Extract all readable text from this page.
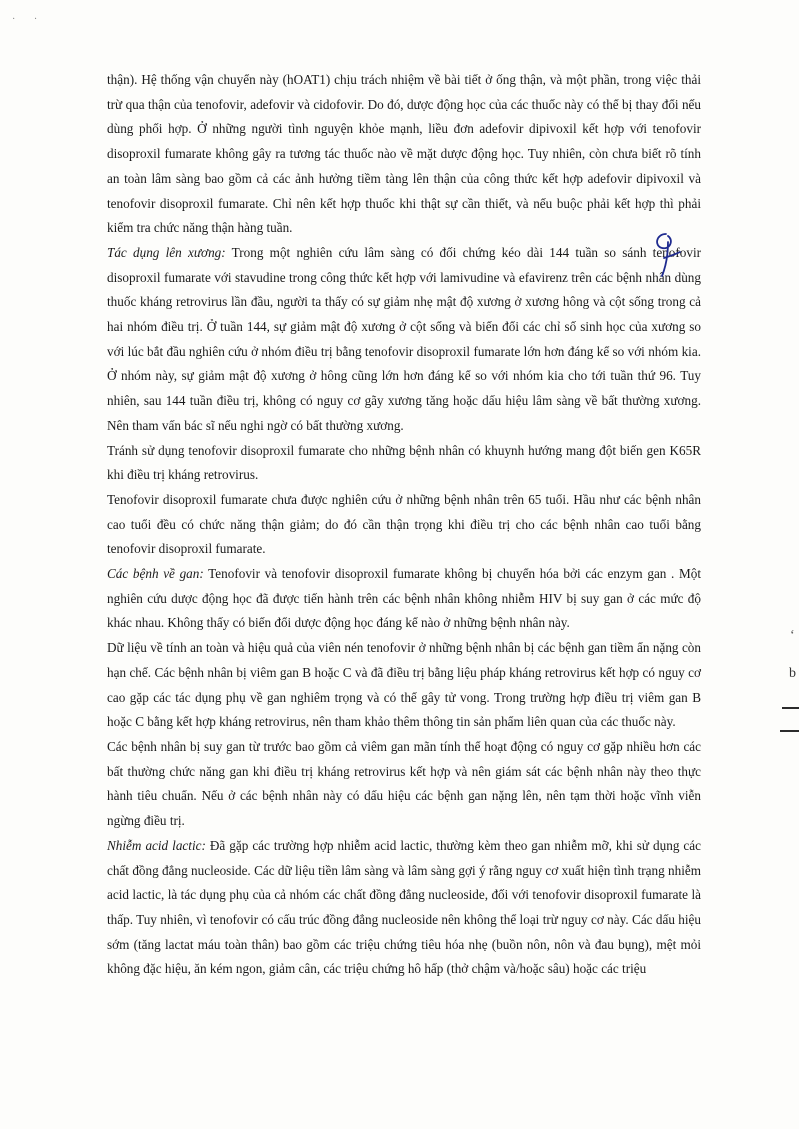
· ·

thận). Hệ thống vận chuyển này (hOAT1) chịu trách nhiệm về bài tiết ở ống thận, và một phần, trong việc thải trừ qua thận của tenofovir, adefovir và cidofovir. Do đó, dược động học của các thuốc này có thể bị thay đổi nếu dùng phối hợp. Ở những người tình nguyện khỏe mạnh, liều đơn adefovir dipivoxil kết hợp với tenofovir disoproxil fumarate không gây ra tương tác thuốc nào về mặt dược động học. Tuy nhiên, còn chưa biết rõ tính an toàn lâm sàng bao gồm cả các ảnh hưởng tiềm tàng lên thận của công thức kết hợp adefovir dipivoxil và tenofovir disoproxil fumarate. Chỉ nên kết hợp thuốc khi thật sự cần thiết, và nếu buộc phải kết hợp thì phải kiểm tra chức năng thận hàng tuần.

Tác dụng lên xương: Trong một nghiên cứu lâm sàng có đối chứng kéo dài 144 tuần so sánh tenofovir disoproxil fumarate với stavudine trong công thức kết hợp với lamivudine và efavirenz trên các bệnh nhân dùng thuốc kháng retrovirus lần đầu, người ta thấy có sự giảm nhẹ mật độ xương ở xương hông và cột sống trong cả hai nhóm điều trị. Ở tuần 144, sự giảm mật độ xương ở cột sống và biến đổi các chỉ số sinh học của xương so với lúc bắt đầu nghiên cứu ở nhóm điều trị bằng tenofovir disoproxil fumarate lớn hơn đáng kể so với nhóm kia. Ở nhóm này, sự giảm mật độ xương ở hông cũng lớn hơn đáng kể so với nhóm kia cho tới tuần thứ 96. Tuy nhiên, sau 144 tuần điều trị, không có nguy cơ gãy xương tăng hoặc dấu hiệu lâm sàng về bất thường xương. Nên tham vấn bác sĩ nếu nghi ngờ có bất thường xương.

Tránh sử dụng tenofovir disoproxil fumarate cho những bệnh nhân có khuynh hướng mang đột biến gen K65R khi điều trị kháng retrovirus.

Tenofovir disoproxil fumarate chưa được nghiên cứu ở những bệnh nhân trên 65 tuổi. Hầu như các bệnh nhân cao tuổi đều có chức năng thận giảm; do đó cần thận trọng khi điều trị cho các bệnh nhân cao tuổi bằng tenofovir disoproxil fumarate.

Các bệnh về gan: Tenofovir và tenofovir disoproxil fumarate không bị chuyển hóa bởi các enzym gan . Một nghiên cứu dược động học đã được tiến hành trên các bệnh nhân không nhiễm HIV bị suy gan ở các mức độ khác nhau. Không thấy có biến đổi dược động học đáng kể nào ở những bệnh nhân này.

Dữ liệu về tính an toàn và hiệu quả của viên nén tenofovir ở những bệnh nhân bị các bệnh gan tiềm ẩn nặng còn hạn chế. Các bệnh nhân bị viêm gan B hoặc C và đã điều trị bằng liệu pháp kháng retrovirus kết hợp có nguy cơ cao gặp các tác dụng phụ về gan nghiêm trọng và có thể gây tử vong. Trong trường hợp điều trị viêm gan B hoặc C bằng kết hợp kháng retrovirus, nên tham khảo thêm thông tin sản phẩm liên quan của các thuốc này.

Các bệnh nhân bị suy gan từ trước bao gồm cả viêm gan mãn tính thể hoạt động có nguy cơ gặp nhiều hơn các bất thường chức năng gan khi điều trị kháng retrovirus kết hợp và nên giám sát các bệnh nhân này theo thực hành tiêu chuẩn. Nếu ở các bệnh nhân này có dấu hiệu các bệnh gan nặng lên, nên tạm thời hoặc vĩnh viễn ngừng điều trị.

Nhiễm acid lactic: Đã gặp các trường hợp nhiễm acid lactic, thường kèm theo gan nhiễm mỡ, khi sử dụng các chất đồng đẳng nucleoside. Các dữ liệu tiền lâm sàng và lâm sàng gợi ý rằng nguy cơ xuất hiện tình trạng nhiễm acid lactic, là tác dụng phụ của cả nhóm các chất đồng đẳng nucleoside, đối với tenofovir disoproxil fumarate là thấp. Tuy nhiên, vì tenofovir có cấu trúc đồng đẳng nucleoside nên không thể loại trừ nguy cơ này. Các dấu hiệu sớm (tăng lactat máu toàn thân) bao gồm các triệu chứng tiêu hóa nhẹ (buồn nôn, nôn và đau bụng), mệt mỏi không đặc hiệu, ăn kém ngon, giảm cân, các triệu chứng hô hấp (thở chậm và/hoặc sâu) hoặc các triệu

‘
b
